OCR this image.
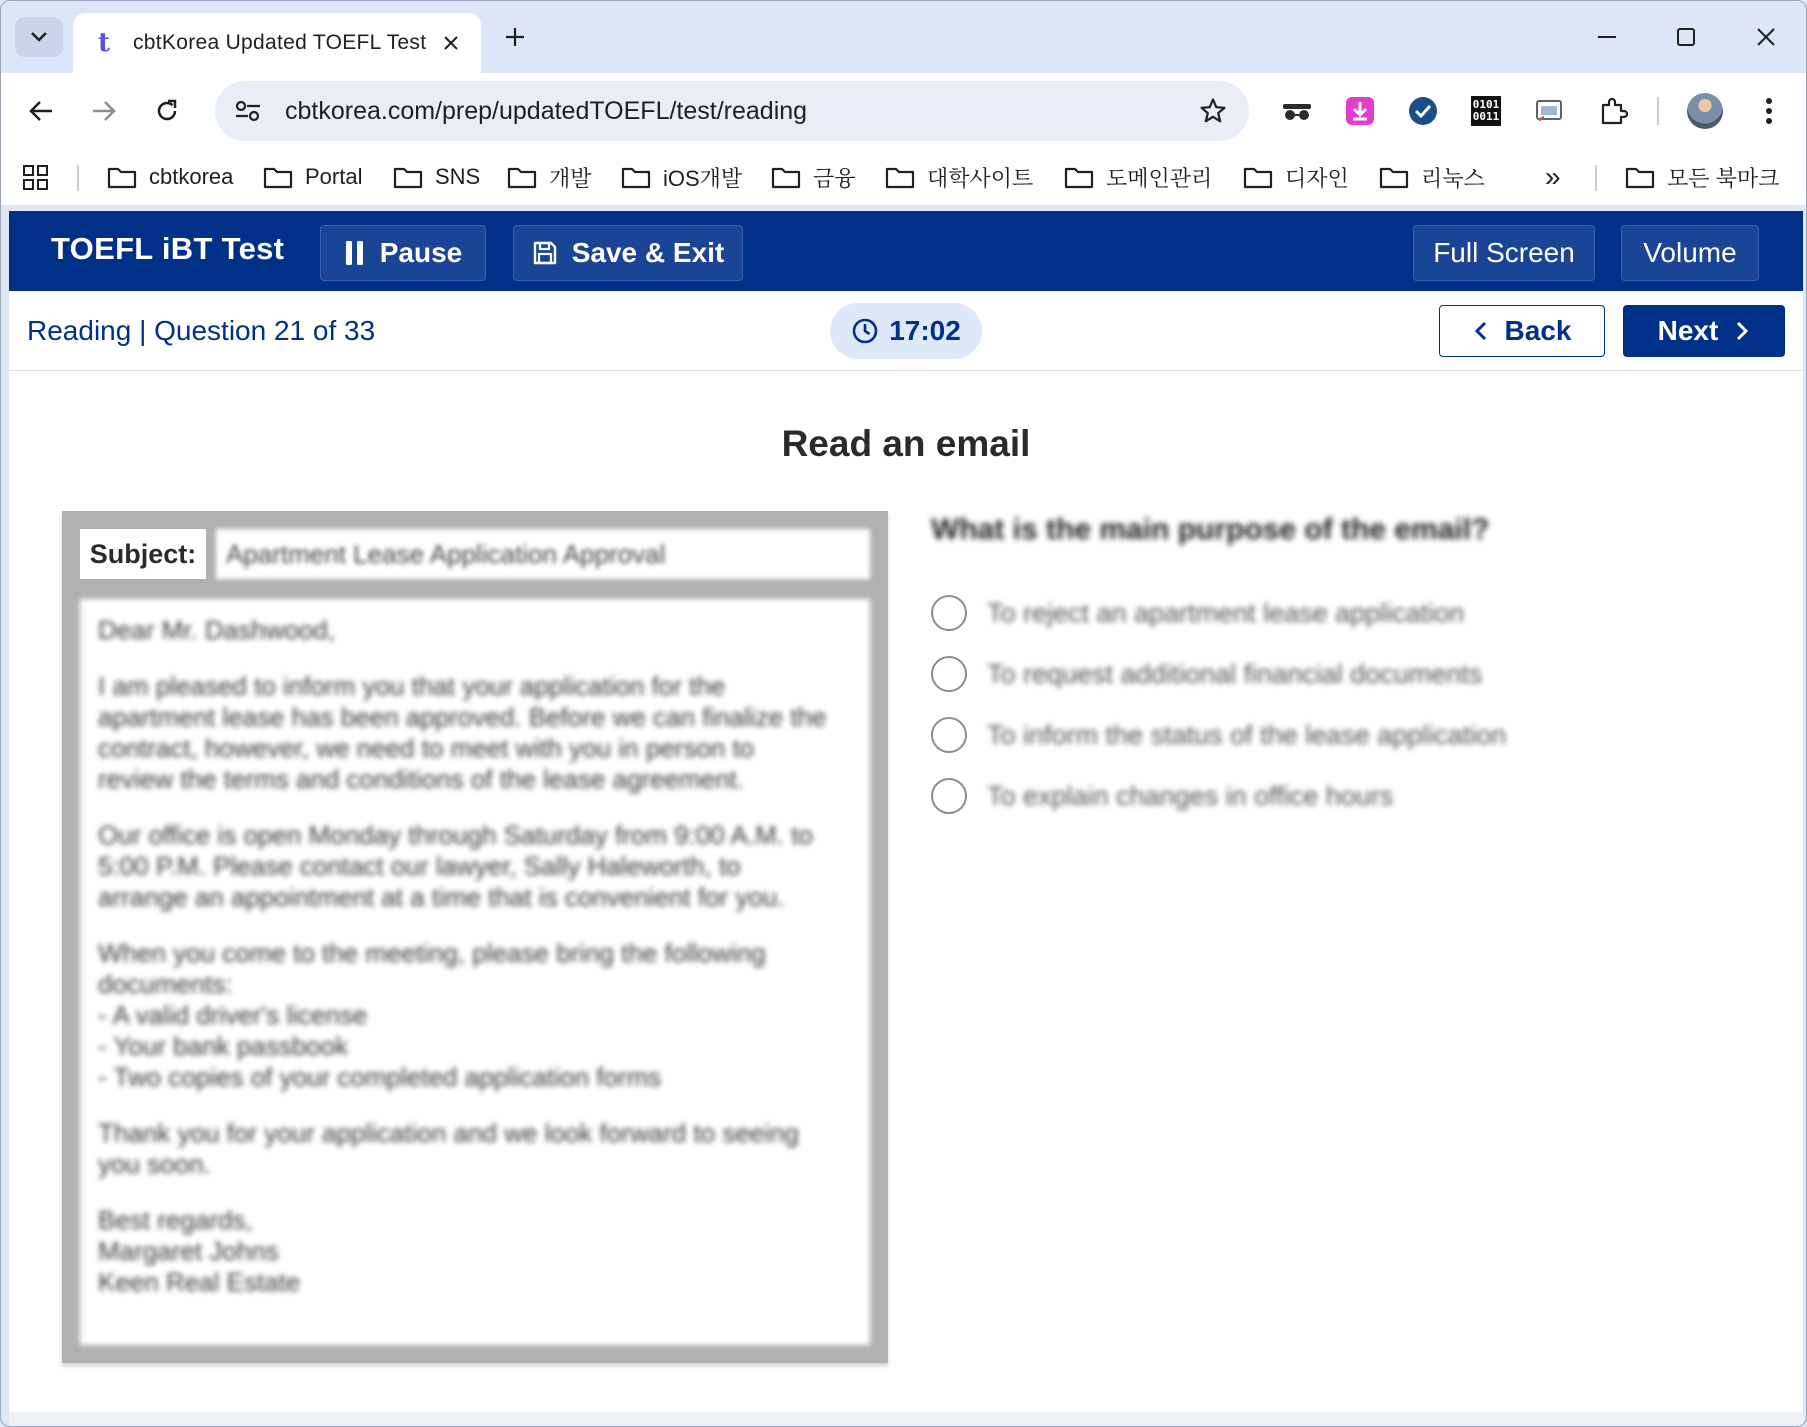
t	cbtKorea Updated TOEFL Test
cbtkorea.com/prep/updatedTOEFL/test/reading	0101
0011
cbtkorea	Portal	SNS	개발	iOS개발	금융	대학사이트	도메인관리	디자인	리눅스 »	모든 북마크
TOEFL iBT Test	Pause	Save & Exit	Full Screen	Volume
Reading | Question 21 of 33	17:02	Back	Next
Read an email
Subject:	Apartment Lease Application Approval

Dear Mr. Dashwood,

I am pleased to inform you that your application for the
apartment lease has been approved. Before we can finalize the
contract, however, we need to meet with you in person to
review the terms and conditions of the lease agreement.

Our office is open Monday through Saturday from 9:00 A.M. to
5:00 P.M. Please contact our lawyer, Sally Haleworth, to
arrange an appointment at a time that is convenient for you.

When you come to the meeting, please bring the following
documents:
- A valid driver's license
- Your bank passbook
- Two copies of your completed application forms

Thank you for your application and we look forward to seeing
you soon.

Best regards,
Margaret Johns
Keen Real Estate

What is the main purpose of the email?
To reject an apartment lease application
To request additional financial documents
To inform the status of the lease application
To explain changes in office hours
